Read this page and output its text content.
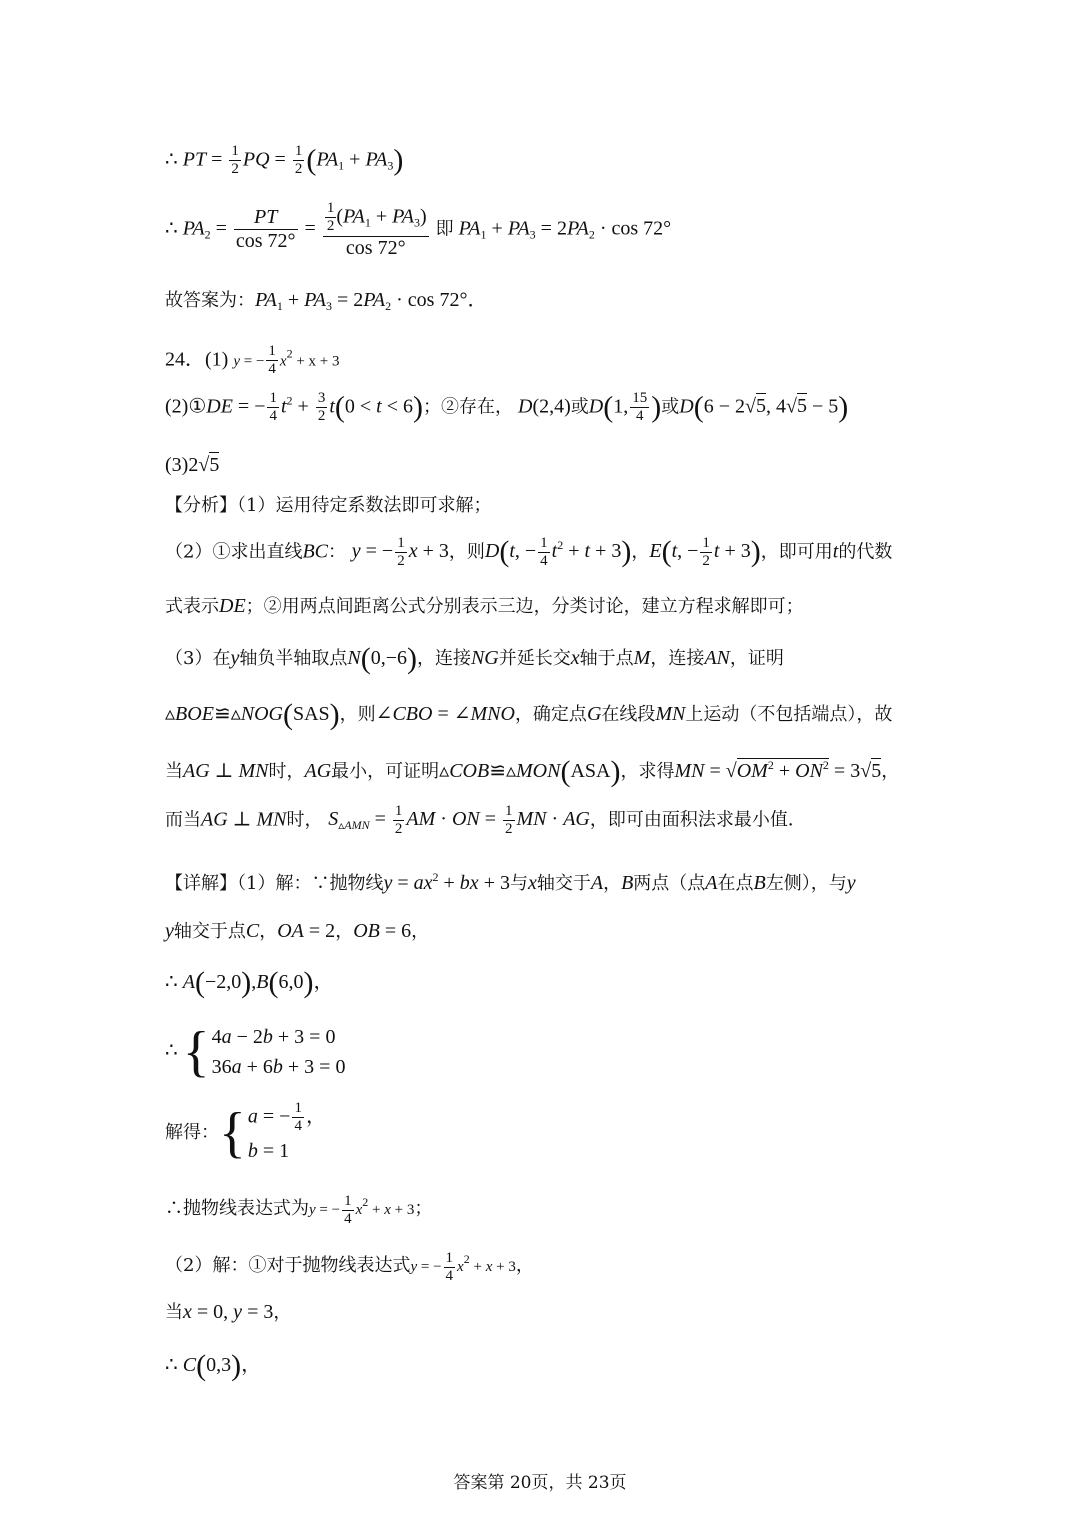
∴ PT = $\frac{1}{2}$ PQ = $\frac{1}{2} (PA_1 + PA_3)$
∴ $PA_2 = \frac{PT}{\cos 72^\circ} = \frac{\frac{1}{2} (PA_1 + PA_3)}{\cos 72^\circ}$ 即 $PA_1 + PA_3 = 2PA_2 \cdot \cos 72^\circ$
故答案为：$PA_1 + PA_3 = 2PA_2 \cdot \cos 72^\circ$．
24．(1) y = − $\frac{1}{4} x^2 + x + 3$
(2)①DE = − $\frac{1}{4} t^2 + \frac{3}{2} t(0 < t < 6)$；②存在， D(2,4)或D(1, $\frac{15}{4}$ )或D(6 − 2√5, 4√5 − 5)
(3)2√5
【分析】（1）运用待定系数法即可求解；
（2）①求出直线BC： y = − $\frac{1}{2}$ x + 3，则D(t, − $\frac{1}{4} t^2 + t + 3$)，E(t, − $\frac{1}{2}$ t + 3)，即可用t的代数
式表示DE；②用两点间距离公式分别表示三边，分类讨论，建立方程求解即可；
（3）在y轴负半轴取点N(0,−6)，连接NG并延长交x轴于点M，连接AN，证明
▵BOE≌▵NOG(SAS)，则∠CBO = ∠MNO，确定点G在线段MN上运动（不包括端点），故
当AG ⊥ MN时，AG最小，可证明▵COB≌▵MON(ASA)，求得MN = $√OM^2 + ON^2 = 3√5$，
而当AG ⊥ MN时， $S_{▵AMN} = \frac{1}{2}$ AM · ON = $\frac{1}{2}$ MN · AG，即可由面积法求最小值．
【详解】（1）解：∵抛物线$y = ax^2$ + bx + 3与x轴交于A，B两点（点A在点B左侧），与y
y轴交于点C，OA = 2，OB = 6，
∴ A(−2,0),B(6,0)，
∴ { 4a − 2b + 3 = 0
36a + 6b + 3 = 0
解得：{ a = − $\frac{1}{4}$ ，
b = 1
∴抛物线表达式为y = − $\frac{1}{4} x^2 + x + 3$；
（2）解：①对于抛物线表达式y = − $\frac{1}{4} x^2 + x + 3$，
当x = 0, y = 3，
∴ C(0,3)，
答案第 20页，共 23页
